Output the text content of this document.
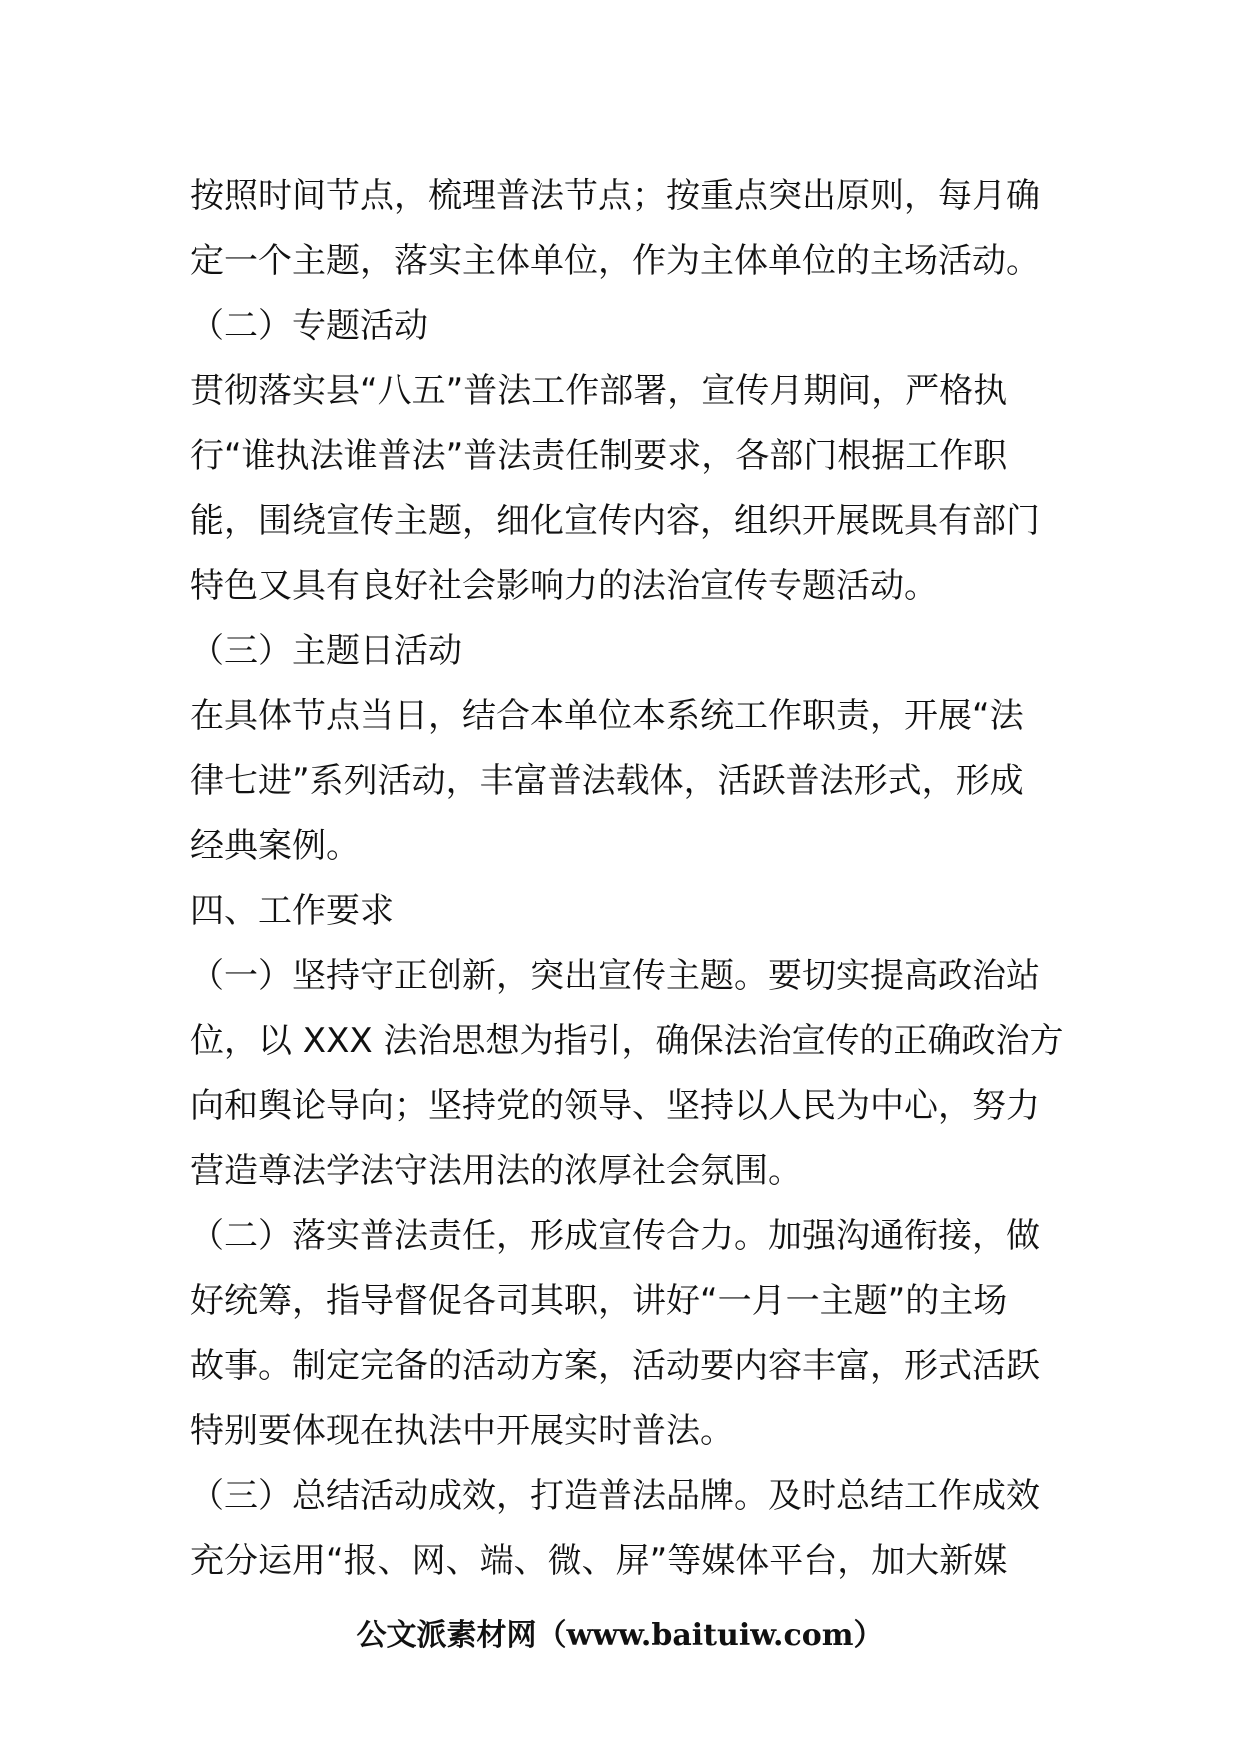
按照时间节点，梳理普法节点；按重点突出原则，每月确
定一个主题，落实主体单位，作为主体单位的主场活动。
（二）专题活动
贯彻落实县“八五”普法工作部署，宣传月期间，严格执
行“谁执法谁普法”普法责任制要求，各部门根据工作职
能，围绕宣传主题，细化宣传内容，组织开展既具有部门
特色又具有良好社会影响力的法治宣传专题活动。
（三）主题日活动
在具体节点当日，结合本单位本系统工作职责，开展“法
律七进”系列活动，丰富普法载体，活跃普法形式，形成
经典案例。
四、工作要求
（一）坚持守正创新，突出宣传主题。要切实提高政治站
位，以 XXX 法治思想为指引，确保法治宣传的正确政治方
向和舆论导向；坚持党的领导、坚持以人民为中心，努力
营造尊法学法守法用法的浓厚社会氛围。
（二）落实普法责任，形成宣传合力。加强沟通衔接，做
好统筹，指导督促各司其职，讲好“一月一主题”的主场
故事。制定完备的活动方案，活动要内容丰富，形式活跃
特别要体现在执法中开展实时普法。
（三）总结活动成效，打造普法品牌。及时总结工作成效
充分运用“报、网、端、微、屏”等媒体平台，加大新媒
公文派素材网（www.baituiw.com）
